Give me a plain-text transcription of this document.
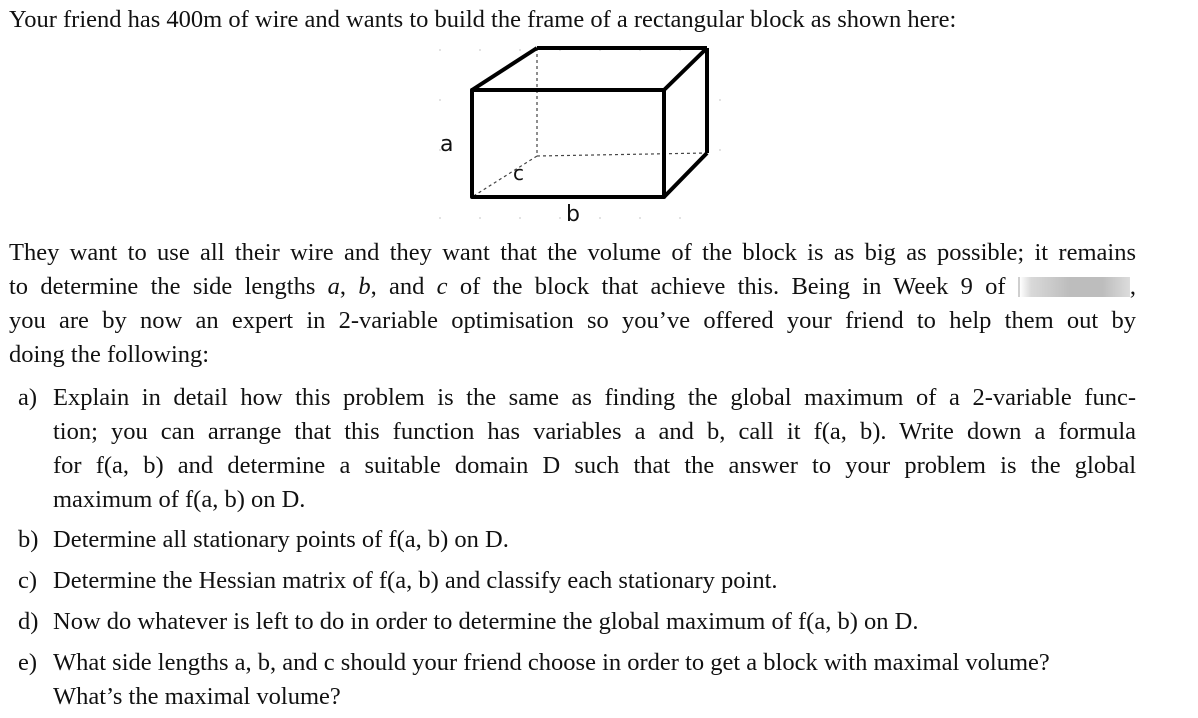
Your friend has 400m of wire and wants to build the frame of a rectangular block as shown here:
a
c
b
They want to use all their wire and they want that the volume of the block is as big as possible; it remains
to determine the side lengths a, b, and c of the block that achieve this. Being in Week 9 of	,
you are by now an expert in 2-variable optimisation so you’ve offered your friend to help them out by
doing the following:
a) Explain in detail how this problem is the same as finding the global maximum of a 2-variable func-
tion; you can arrange that this function has variables a and b, call it f(a, b). Write down a formula
for f(a, b) and determine a suitable domain D such that the answer to your problem is the global
maximum of f(a, b) on D.
b) Determine all stationary points of f(a, b) on D.
c) Determine the Hessian matrix of f(a, b) and classify each stationary point.
d) Now do whatever is left to do in order to determine the global maximum of f(a, b) on D.
e) What side lengths a, b, and c should your friend choose in order to get a block with maximal volume?
What’s the maximal volume?
